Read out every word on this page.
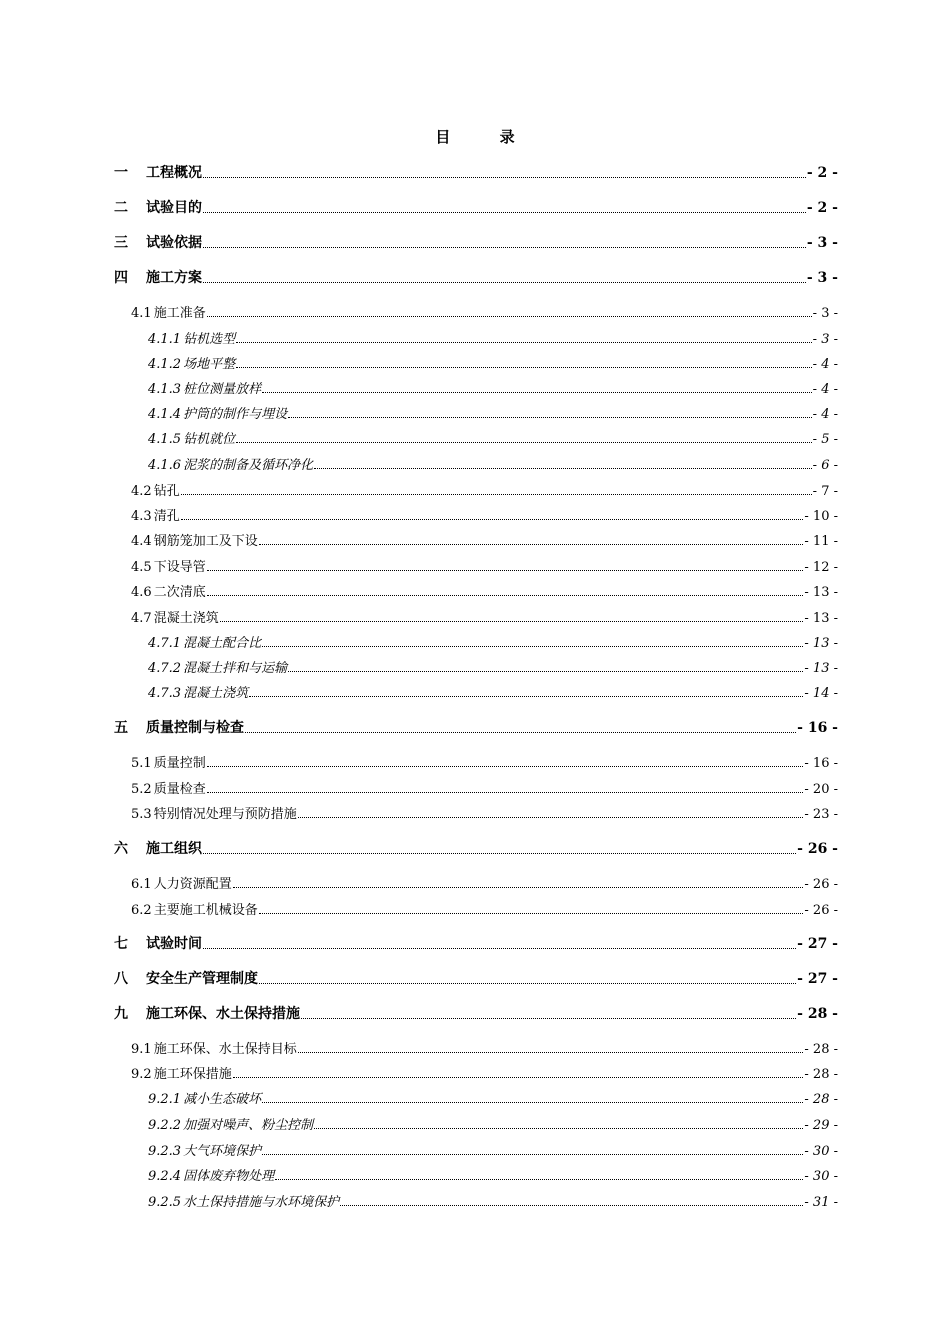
目 录
一	工程概况	- 2 -
二	试验目的	- 2 -
三	试验依据	- 3 -
四	施工方案	- 3 -
4.1 施工准备	- 3 -
4.1.1 钻机选型	- 3 -
4.1.2 场地平整	- 4 -
4.1.3 桩位测量放样	- 4 -
4.1.4 护筒的制作与埋设	- 4 -
4.1.5 钻机就位	- 5 -
4.1.6 泥浆的制备及循环净化	- 6 -
4.2 钻孔	- 7 -
4.3 清孔	- 10 -
4.4 钢筋笼加工及下设	- 11 -
4.5 下设导管	- 12 -
4.6 二次清底	- 13 -
4.7 混凝土浇筑	- 13 -
4.7.1 混凝土配合比	- 13 -
4.7.2 混凝土拌和与运输	- 13 -
4.7.3 混凝土浇筑	- 14 -
五	质量控制与检查	- 16 -
5.1 质量控制	- 16 -
5.2 质量检查	- 20 -
5.3 特别情况处理与预防措施	- 23 -
六	施工组织	- 26 -
6.1 人力资源配置	- 26 -
6.2 主要施工机械设备	- 26 -
七	试验时间	- 27 -
八	安全生产管理制度	- 27 -
九	施工环保、水土保持措施	- 28 -
9.1 施工环保、水土保持目标	- 28 -
9.2 施工环保措施	- 28 -
9.2.1 减小生态破坏	- 28 -
9.2.2 加强对噪声、粉尘控制	- 29 -
9.2.3 大气环境保护	- 30 -
9.2.4 固体废弃物处理	- 30 -
9.2.5 水土保持措施与水环境保护	- 31 -
